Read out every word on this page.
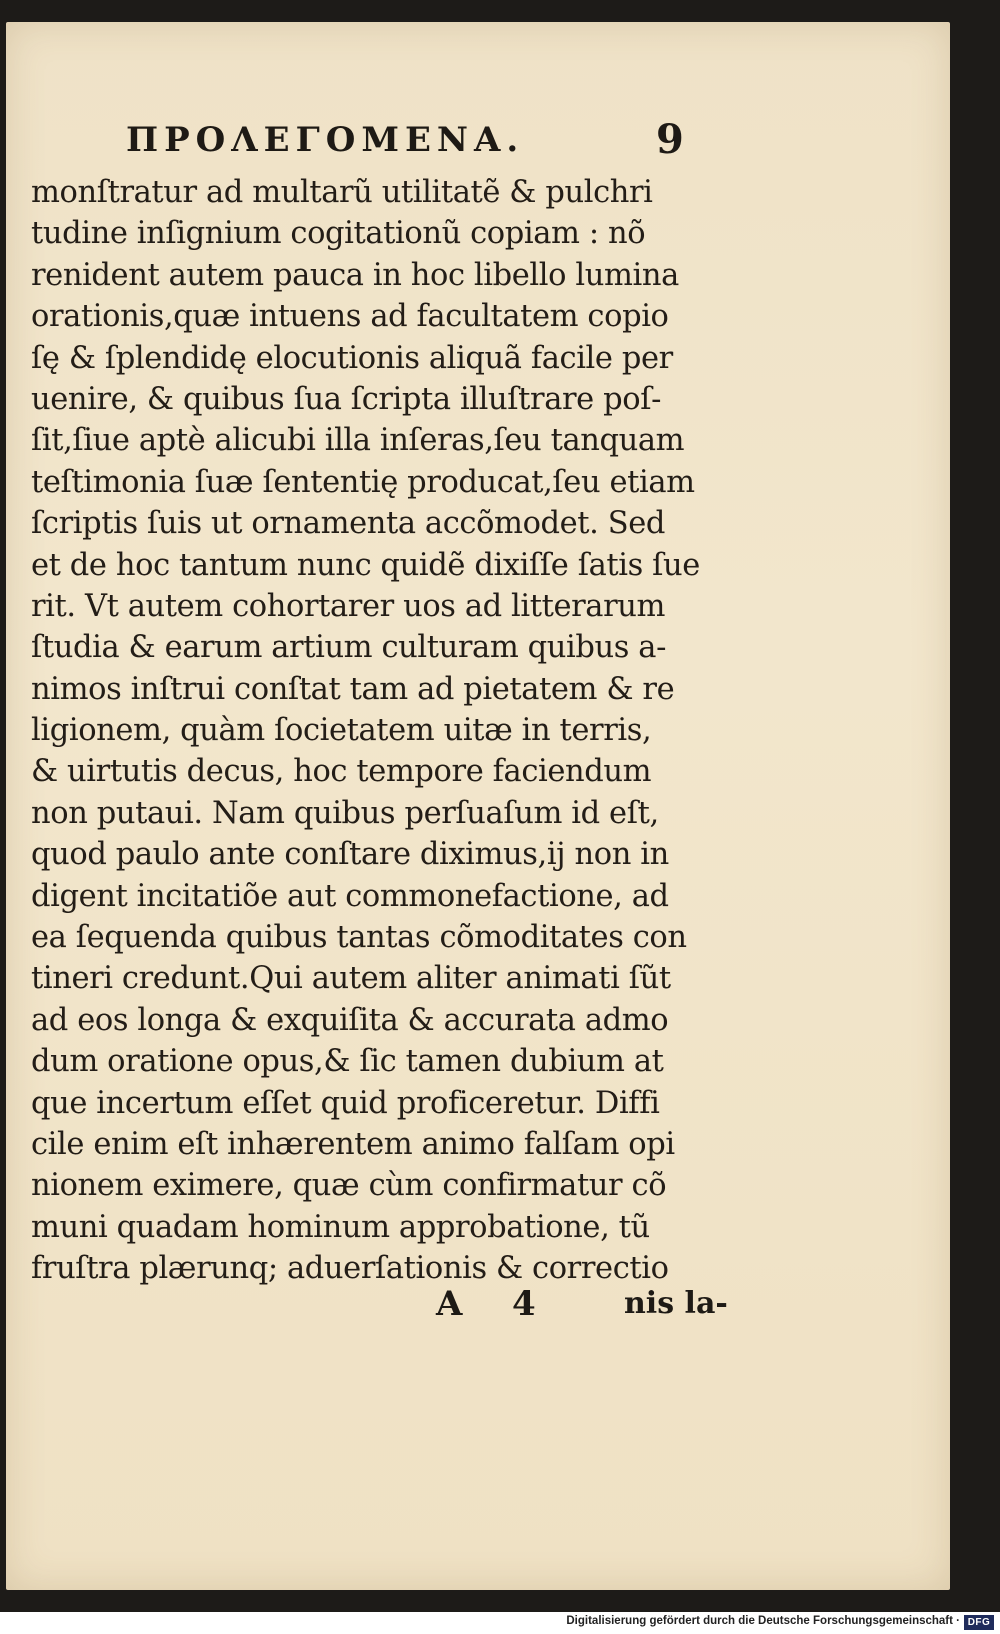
ΠΡΟΛΕΓΟΜΕΝΑ.	9
monſtratur ad multarũ utilitatẽ & pulchri
tudine inſignium cogitationũ copiam : nõ
renident autem pauca in hoc libello lumina
orationis,quæ intuens ad facultatem copio
ſę & ſplendidę elocutionis aliquã facile per
uenire, & quibus ſua ſcripta illuſtrare poſ-
ſit,ſiue aptè alicubi illa inſeras,ſeu tanquam
teſtimonia ſuæ ſententię producat,ſeu etiam
ſcriptis ſuis ut ornamenta accõmodet. Sed
et de hoc tantum nunc quidẽ dixiſſe ſatis ſue
rit. Vt autem cohortarer uos ad litterarum
ſtudia & earum artium culturam quibus a-
nimos inſtrui conſtat tam ad pietatem & re
ligionem, quàm ſocietatem uitæ in terris,
& uirtutis decus, hoc tempore faciendum
non putaui. Nam quibus perſuaſum id eſt,
quod paulo ante conſtare diximus,ij non in
digent incitatiõe aut commonefactione, ad
ea ſequenda quibus tantas cõmoditates con
tineri credunt.Qui autem aliter animati ſũt
ad eos longa & exquiſita & accurata admo
dum oratione opus,& ſic tamen dubium at
que incertum eſſet quid proficeretur. Diffi
cile enim eſt inhærentem animo falſam opi
nionem eximere, quæ cùm confirmatur cõ
muni quadam hominum approbatione, tũ
fruſtra plærunq; aduerſationis & correctio
A 4	nis la-
Digitalisierung gefördert durch die Deutsche Forschungsgemeinschaft · DFG
